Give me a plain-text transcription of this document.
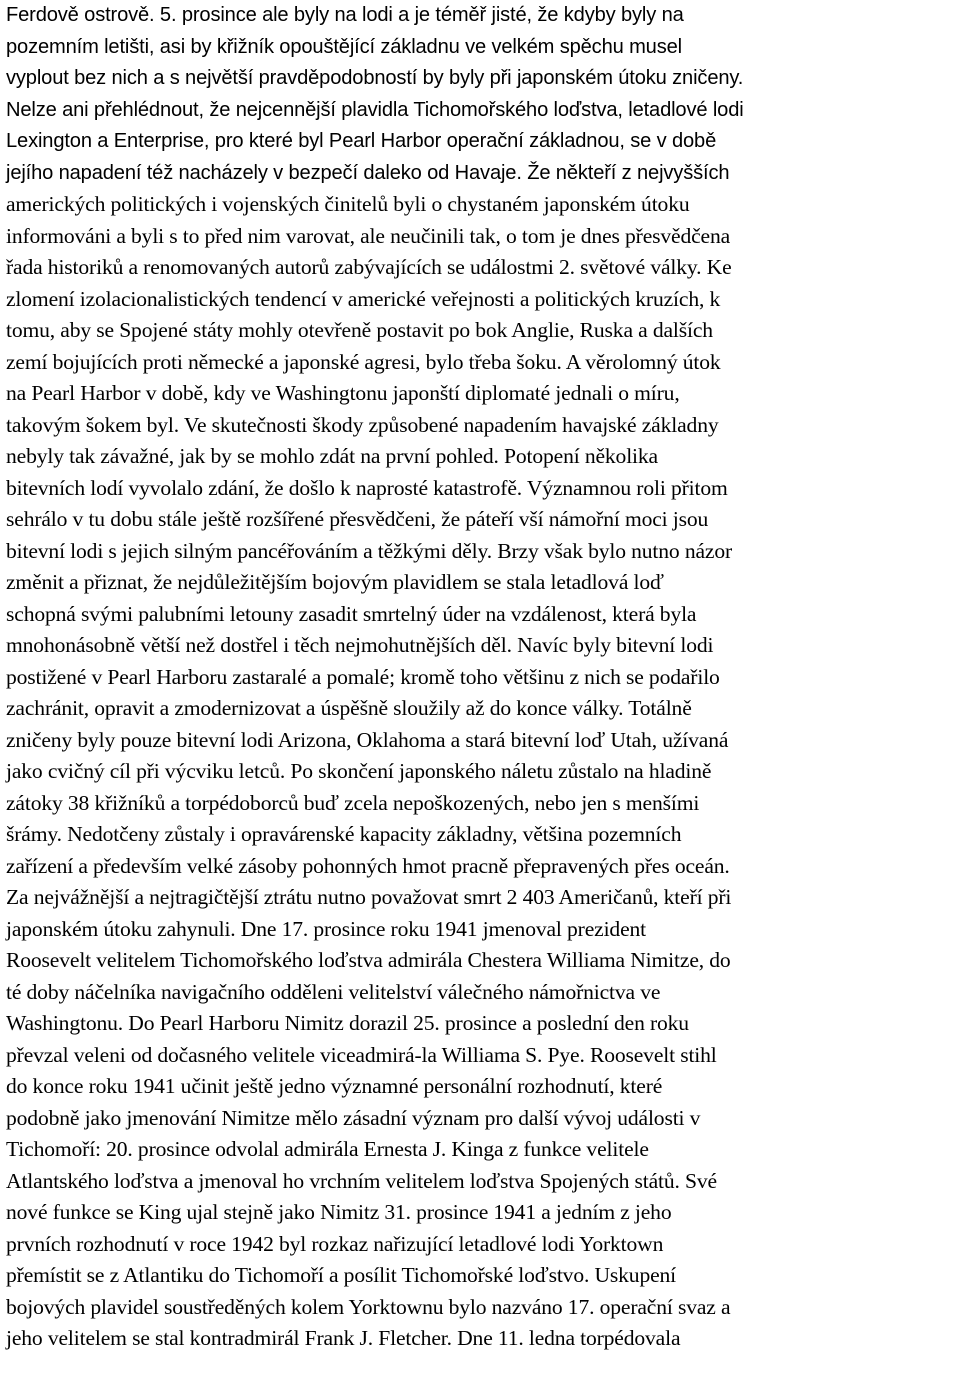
Ferdově ostrově. 5. prosince ale byly na lodi a je téměř jisté, že kdyby byly na
pozemním letišti, asi by křižník opouštějící základnu ve velkém spěchu musel
vyplout bez nich a s největší pravděpodobností by byly při japonském útoku zničeny.
Nelze ani přehlédnout, že nejcennější plavidla Tichomořského loďstva, letadlové lodi
Lexington a Enterprise, pro které byl Pearl Harbor operační základnou, se v době
jejího napadení též nacházely v bezpečí daleko od Havaje. Že někteří z nejvyšších
amerických politických i vojenských činitelů byli o chystaném japonském útoku
informováni a byli s to před nim varovat, ale neučinili tak, o tom je dnes přesvědčena
řada historiků a renomovaných autorů zabývajících se událostmi 2. světové války. Ke
zlomení izolacionalistických tendencí v americké veřejnosti a politických kruzích, k
tomu, aby se Spojené státy mohly otevřeně postavit po bok Anglie, Ruska a dalších
zemí bojujících proti německé a japonské agresi, bylo třeba šoku. A věrolomný útok
na Pearl Harbor v době, kdy ve Washingtonu japonští diplomaté jednali o míru,
takovým šokem byl. Ve skutečnosti škody způsobené napadením havajské základny
nebyly tak závažné, jak by se mohlo zdát na první pohled. Potopení několika
bitevních lodí vyvolalo zdání, že došlo k naprosté katastrofě. Významnou roli přitom
sehrálo v tu dobu stále ještě rozšířené přesvědčeni, že páteří vší námořní moci jsou
bitevní lodi s jejich silným pancéřováním a těžkými děly. Brzy však bylo nutno názor
změnit a přiznat, že nejdůležitějším bojovým plavidlem se stala letadlová loď
schopná svými palubními letouny zasadit smrtelný úder na vzdálenost, která byla
mnohonásobně větší než dostřel i těch nejmohutnějších děl. Navíc byly bitevní lodi
postižené v Pearl Harboru zastaralé a pomalé; kromě toho většinu z nich se podařilo
zachránit, opravit a zmodernizovat a úspěšně sloužily až do konce války. Totálně
zničeny byly pouze bitevní lodi Arizona, Oklahoma a stará bitevní loď Utah, užívaná
jako cvičný cíl při výcviku letců. Po skončení japonského náletu zůstalo na hladině
zátoky 38 křižníků a torpédoborců buď zcela nepoškozených, nebo jen s menšími
šrámy. Nedotčeny zůstaly i opravárenské kapacity základny, většina pozemních
zařízení a především velké zásoby pohonných hmot pracně přepravených přes oceán.
Za nejvážnější a nejtragičtější ztrátu nutno považovat smrt 2 403 Američanů, kteří při
japonském útoku zahynuli. Dne 17. prosince roku 1941 jmenoval prezident
Roosevelt velitelem Tichomořského loďstva admirála Chestera Williama Nimitze, do
té doby náčelníka navigačního odděleni velitelství válečného námořnictva ve
Washingtonu. Do Pearl Harboru Nimitz dorazil 25. prosince a poslední den roku
převzal veleni od dočasného velitele viceadmirá-la Williama S. Pye. Roosevelt stihl
do konce roku 1941 učinit ještě jedno významné personální rozhodnutí, které
podobně jako jmenování Nimitze mělo zásadní význam pro další vývoj události v
Tichomoří: 20. prosince odvolal admirála Ernesta J. Kinga z funkce velitele
Atlantského loďstva a jmenoval ho vrchním velitelem loďstva Spojených států. Své
nové funkce se King ujal stejně jako Nimitz 31. prosince 1941 a jedním z jeho
prvních rozhodnutí v roce 1942 byl rozkaz nařizující letadlové lodi Yorktown
přemístit se z Atlantiku do Tichomoří a posílit Tichomořské loďstvo. Uskupení
bojových plavidel soustředěných kolem Yorktownu bylo nazváno 17. operační svaz a
jeho velitelem se stal kontradmirál Frank J. Fletcher. Dne 11. ledna torpédovala
